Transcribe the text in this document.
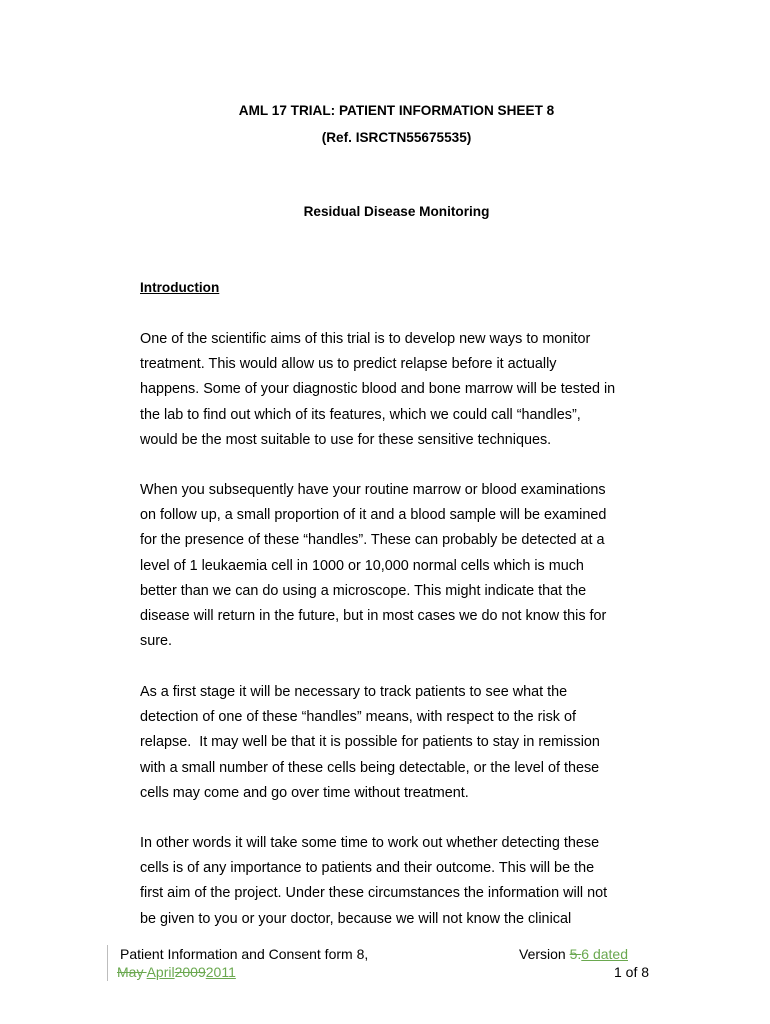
AML 17 TRIAL: PATIENT INFORMATION SHEET 8
(Ref. ISRCTN55675535)
Residual Disease Monitoring
Introduction
One of the scientific aims of this trial is to develop new ways to monitor
treatment. This would allow us to predict relapse before it actually
happens. Some of your diagnostic blood and bone marrow will be tested in
the lab to find out which of its features, which we could call “handles”,
would be the most suitable to use for these sensitive techniques.
When you subsequently have your routine marrow or blood examinations
on follow up, a small proportion of it and a blood sample will be examined
for the presence of these “handles”. These can probably be detected at a
level of 1 leukaemia cell in 1000 or 10,000 normal cells which is much
better than we can do using a microscope. This might indicate that the
disease will return in the future, but in most cases we do not know this for
sure.
As a first stage it will be necessary to track patients to see what the
detection of one of these “handles” means, with respect to the risk of
relapse.  It may well be that it is possible for patients to stay in remission
with a small number of these cells being detectable, or the level of these
cells may come and go over time without treatment.
In other words it will take some time to work out whether detecting these
cells is of any importance to patients and their outcome. This will be the
first aim of the project. Under these circumstances the information will not
be given to you or your doctor, because we will not know the clinical
Patient Information and Consent form 8,
May April20092011
Version 5.6 dated
1 of 8
